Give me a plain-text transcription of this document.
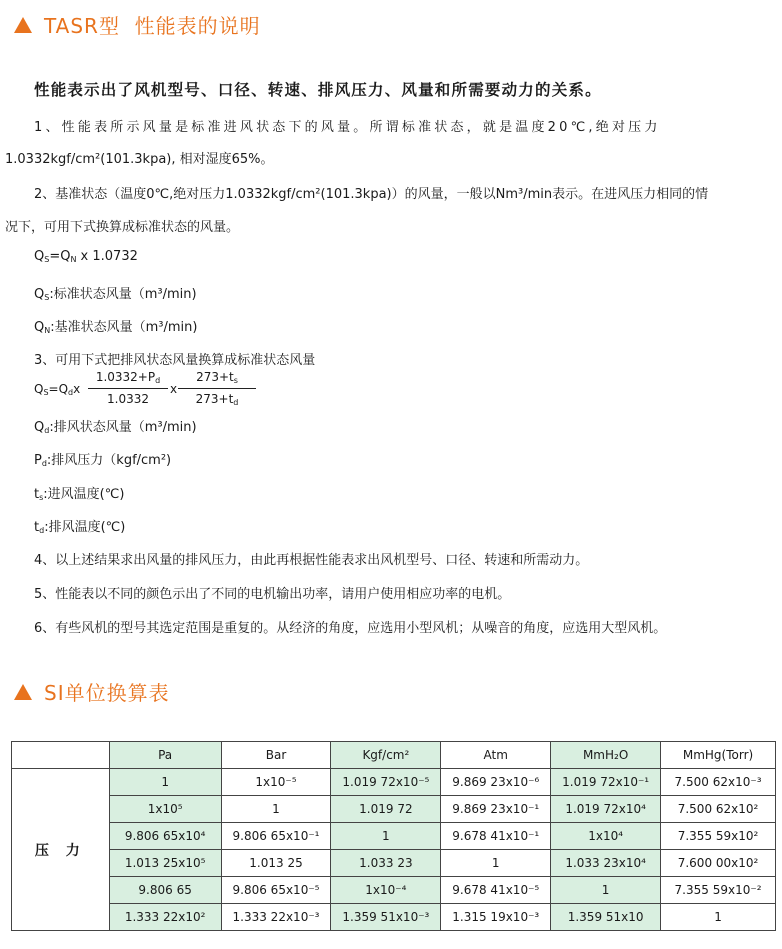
TASR型  性能表的说明
性能表示出了风机型号、口径、转速、排风压力、风量和所需要动力的关系。
1、性能表所示风量是标准进风状态下的风量。所谓标准状态，就是温度20℃,绝对压力
1.0332kgf/cm²(101.3kpa), 相对湿度65%。
2、基准状态（温度0℃,绝对压力1.0332kgf/cm²(101.3kpa)）的风量，一般以Nm³/min表示。在进风压力相同的情
况下，可用下式换算成标准状态的风量。
$Q_S=Q_N$ x 1.0732
$Q_S$:标准状态风量（m³/min)
$Q_N$:基准状态风量（m³/min)
3、可用下式把排风状态风量换算成标准状态风量
$Q_S=Q_dx$
$1.0332+P_d$
1.0332
x
$273+t_s$
$273+t_d$
$Q_d$:排风状态风量（m³/min)
$P_d$:排风压力（kgf/cm²)
$t_s$:进风温度(℃)
$t_d$:排风温度(℃)
4、以上述结果求出风量的排风压力，由此再根据性能表求出风机型号、口径、转速和所需动力。
5、性能表以不同的颜色示出了不同的电机输出功率，请用户使用相应功率的电机。
6、有些风机的型号其选定范围是重复的。从经济的角度，应选用小型风机；从噪音的角度，应选用大型风机。
SI单位换算表
	Pa	Bar	Kgf/cm²	Atm	MmH₂O	MmHg(Torr)
压 力	1	1x10⁻⁵	1.019 72x10⁻⁵	9.869 23x10⁻⁶	1.019 72x10⁻¹	7.500 62x10⁻³
	1x10⁵	1	1.019 72	9.869 23x10⁻¹	1.019 72x10⁴	7.500 62x10²
	9.806 65x10⁴	9.806 65x10⁻¹	1	9.678 41x10⁻¹	1x10⁴	7.355 59x10²
	1.013 25x10⁵	1.013 25	1.033 23	1	1.033 23x10⁴	7.600 00x10²
	9.806 65	9.806 65x10⁻⁵	1x10⁻⁴	9.678 41x10⁻⁵	1	7.355 59x10⁻²
	1.333 22x10²	1.333 22x10⁻³	1.359 51x10⁻³	1.315 19x10⁻³	1.359 51x10	1
